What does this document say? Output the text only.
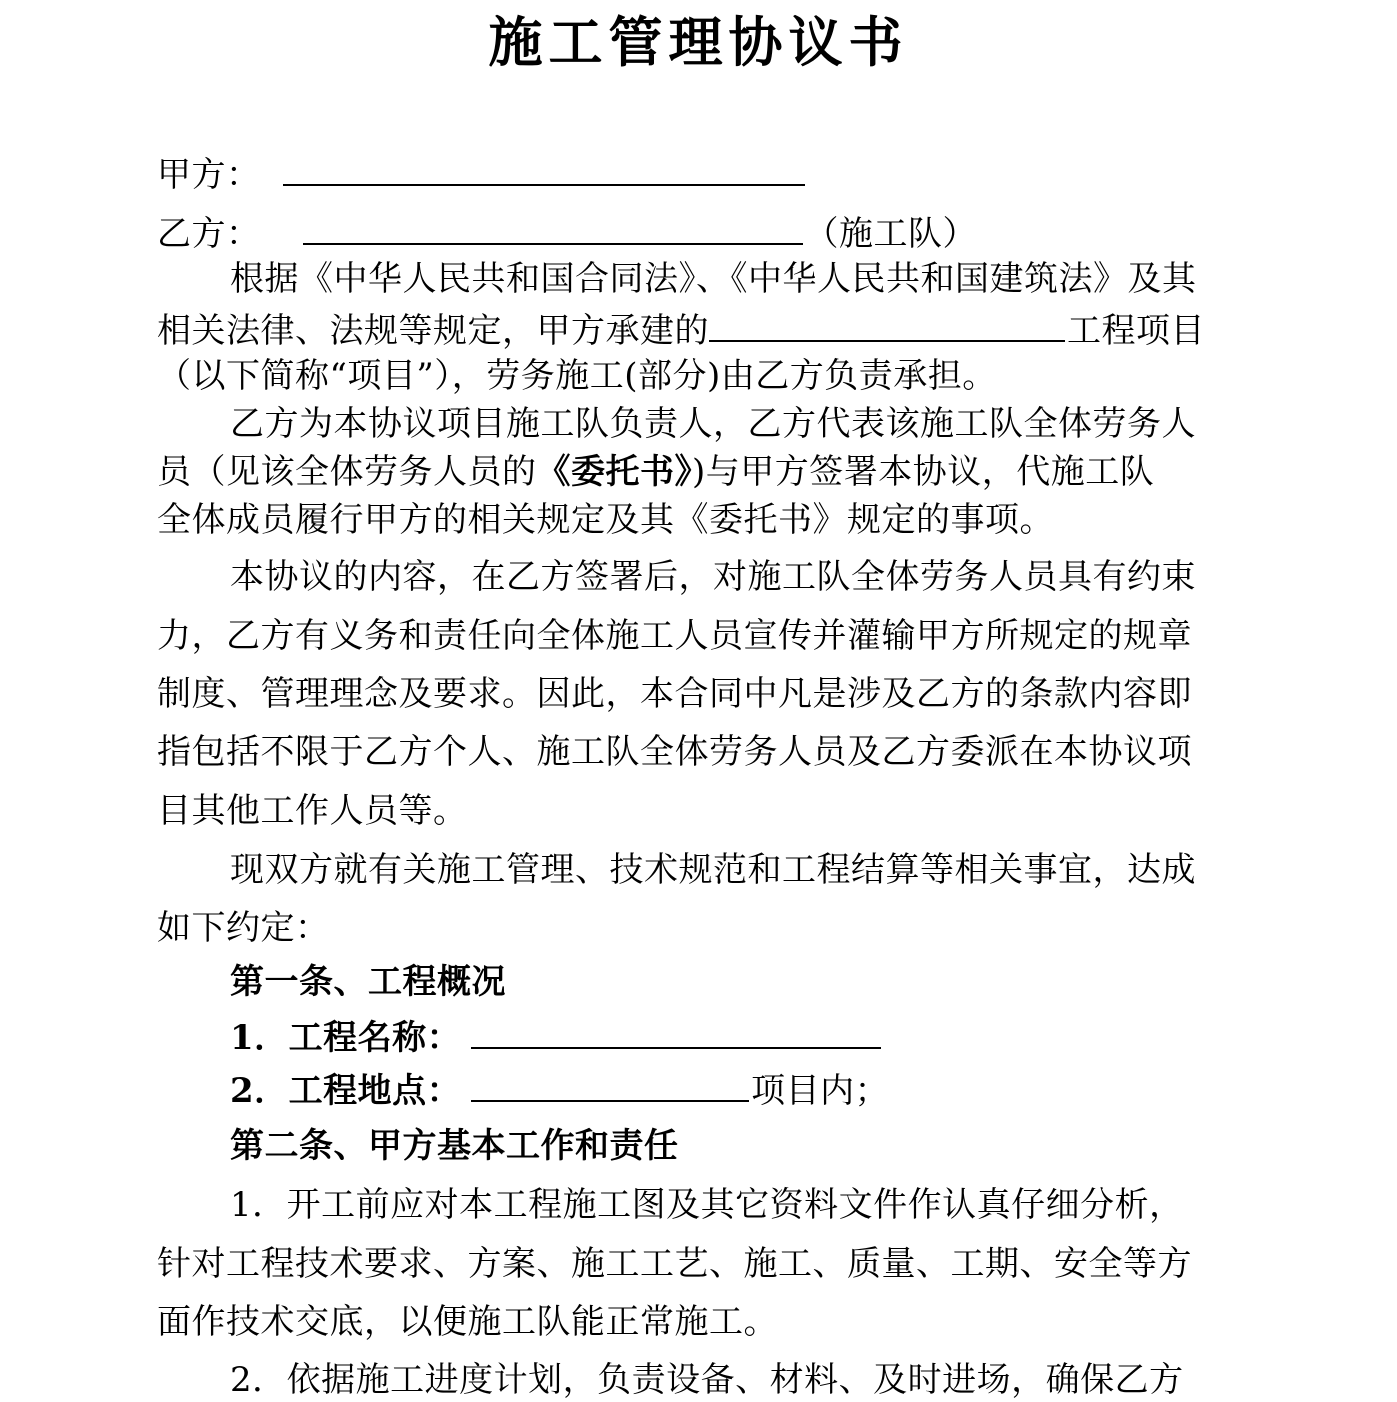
施工管理协议书
甲方：
乙方：	（施工队）
根据《中华人民共和国合同法》、《中华人民共和国建筑法》及其
相关法律、法规等规定，甲方承建的	工程项目
（以下简称“项目”），劳务施工(部分)由乙方负责承担。
乙方为本协议项目施工队负责人，乙方代表该施工队全体劳务人
员（见该全体劳务人员的《委托书》)与甲方签署本协议，代施工队
全体成员履行甲方的相关规定及其《委托书》规定的事项。
本协议的内容，在乙方签署后，对施工队全体劳务人员具有约束
力，乙方有义务和责任向全体施工人员宣传并灌输甲方所规定的规章
制度、管理理念及要求。因此，本合同中凡是涉及乙方的条款内容即
指包括不限于乙方个人、施工队全体劳务人员及乙方委派在本协议项
目其他工作人员等。
现双方就有关施工管理、技术规范和工程结算等相关事宜，达成
如下约定：
第一条、工程概况
1．工程名称：
2．工程地点：	项目内；
第二条、甲方基本工作和责任
1．开工前应对本工程施工图及其它资料文件作认真仔细分析，
针对工程技术要求、方案、施工工艺、施工、质量、工期、安全等方
面作技术交底，以便施工队能正常施工。
2．依据施工进度计划，负责设备、材料、及时进场，确保乙方
